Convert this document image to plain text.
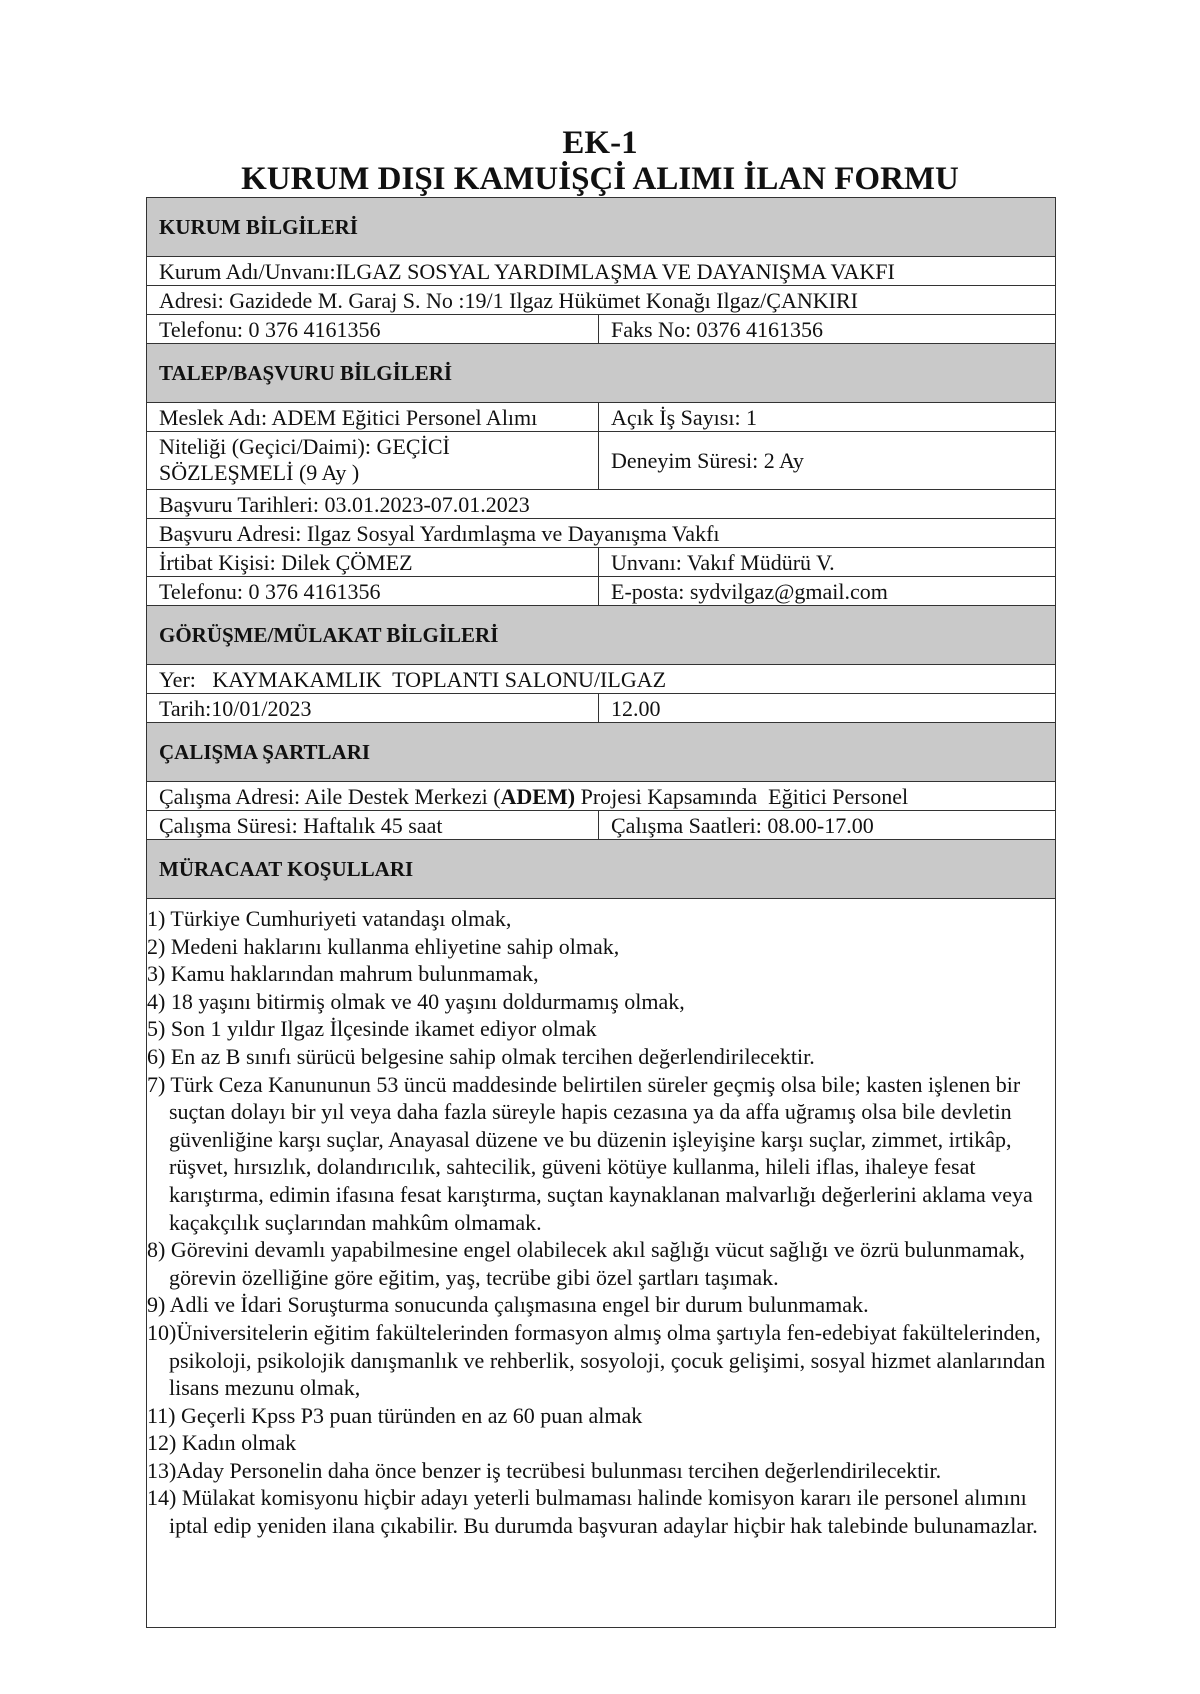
EK-1
KURUM DIŞI KAMUİŞÇİ ALIMI İLAN FORMU
KURUM BİLGİLERİ
Kurum Adı/Unvanı:ILGAZ SOSYAL YARDIMLAŞMA VE DAYANIŞMA VAKFI
Adresi: Gazidede M. Garaj S. No :19/1 Ilgaz Hükümet Konağı Ilgaz/ÇANKIRI
Telefonu: 0 376 4161356	Faks No: 0376 4161356
TALEP/BAŞVURU BİLGİLERİ
Meslek Adı: ADEM Eğitici Personel Alımı	Açık İş Sayısı: 1
Niteliği (Geçici/Daimi): GEÇİCİ SÖZLEŞMELİ (9 Ay )	Deneyim Süresi: 2 Ay
Başvuru Tarihleri: 03.01.2023-07.01.2023
Başvuru Adresi: Ilgaz Sosyal Yardımlaşma ve Dayanışma Vakfı
İrtibat Kişisi: Dilek ÇÖMEZ	Unvanı: Vakıf Müdürü V.
Telefonu: 0 376 4161356	E-posta: sydvilgaz@gmail.com
GÖRÜŞME/MÜLAKAT BİLGİLERİ
Yer:   KAYMAKAMLIK  TOPLANTI SALONU/ILGAZ
Tarih:10/01/2023	12.00
ÇALIŞMA ŞARTLARI
Çalışma Adresi: Aile Destek Merkezi ( ADEM) Projesi Kapsamında  Eğitici Personel
Çalışma Süresi: Haftalık 45 saat	Çalışma Saatleri: 08.00-17.00
MÜRACAAT KOŞULLARI

1) Türkiye Cumhuriyeti vatandaşı olmak,

2) Medeni haklarını kullanma ehliyetine sahip olmak,

3) Kamu haklarından mahrum bulunmamak,

4) 18 yaşını bitirmiş olmak ve 40 yaşını doldurmamış olmak,

5) Son 1 yıldır Ilgaz İlçesinde ikamet ediyor olmak

6) En az B sınıfı sürücü belgesine sahip olmak tercihen değerlendirilecektir.

7) Türk Ceza Kanununun 53 üncü maddesinde belirtilen süreler geçmiş olsa bile; kasten işlenen bir suçtan dolayı bir yıl veya daha fazla süreyle hapis cezasına ya da affa uğramış olsa bile devletin güvenliğine karşı suçlar, Anayasal düzene ve bu düzenin işleyişine karşı suçlar, zimmet, irtikâp, rüşvet, hırsızlık, dolandırıcılık, sahtecilik, güveni kötüye kullanma, hileli iflas, ihaleye fesat karıştırma, edimin ifasına fesat karıştırma, suçtan kaynaklanan malvarlığı değerlerini aklama veya kaçakçılık suçlarından mahkûm olmamak.

8) Görevini devamlı yapabilmesine engel olabilecek akıl sağlığı vücut sağlığı ve özrü bulunmamak, görevin özelliğine göre eğitim, yaş, tecrübe gibi özel şartları taşımak.

9) Adli ve İdari Soruşturma sonucunda çalışmasına engel bir durum bulunmamak.

10)Üniversitelerin eğitim fakültelerinden formasyon almış olma şartıyla fen-edebiyat fakültelerinden, psikoloji, psikolojik danışmanlık ve rehberlik, sosyoloji, çocuk gelişimi, sosyal hizmet alanlarından lisans mezunu olmak,

11) Geçerli Kpss P3 puan türünden en az 60 puan almak

12) Kadın olmak

13)Aday Personelin daha önce benzer iş tecrübesi bulunması tercihen değerlendirilecektir.

14) Mülakat komisyonu hiçbir adayı yeterli bulmaması halinde komisyon kararı ile personel alımını iptal edip yeniden ilana çıkabilir. Bu durumda başvuran adaylar hiçbir hak talebinde bulunamazlar.
